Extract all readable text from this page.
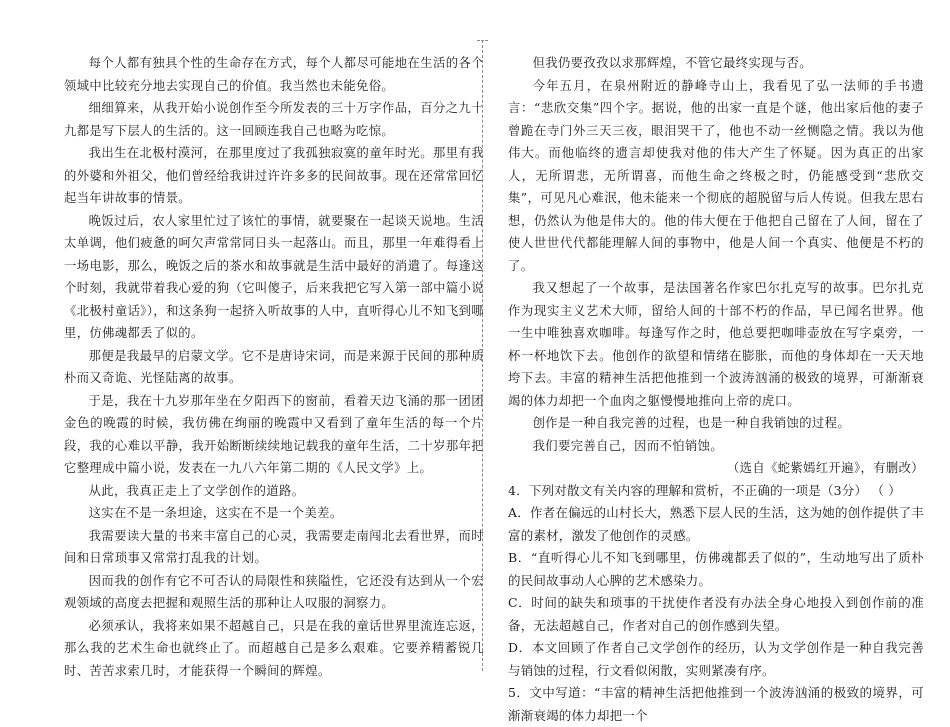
每个人都有独具个性的生命存在方式，每个人都尽可能地在生活的各个领域中比较充分地去实现自己的价值。我当然也未能免俗。

细细算来，从我开始小说创作至今所发表的三十万字作品，百分之九十九都是写下层人的生活的。这一回顾连我自己也略为吃惊。

我出生在北极村漠河，在那里度过了我孤独寂寞的童年时光。那里有我的外婆和外祖父，他们曾经给我讲过许许多多的民间故事。现在还常常回忆起当年讲故事的情景。

晚饭过后，农人家里忙过了该忙的事情，就要聚在一起谈天说地。生活太单调，他们疲惫的呵欠声常常同日头一起落山。而且，那里一年难得看上一场电影，那么，晚饭之后的茶水和故事就是生活中最好的消遣了。每逢这个时刻，我就带着我心爱的狗（它叫傻子，后来我把它写入第一部中篇小说《北极村童话》），和这条狗一起挤入听故事的人中，直听得心儿不知飞到哪里，仿佛魂都丢了似的。

那便是我最早的启蒙文学。它不是唐诗宋词，而是来源于民间的那种质朴而又奇诡、光怪陆离的故事。

于是，我在十九岁那年坐在夕阳西下的窗前，看着天边飞涌的那一团团金色的晚霞的时候，我仿佛在绚丽的晚霞中又看到了童年生活的每一个片段，我的心难以平静，我开始断断续续地记载我的童年生活，二十岁那年把它整理成中篇小说，发表在一九八六年第二期的《人民文学》上。

从此，我真正走上了文学创作的道路。

这实在不是一条坦途，这实在不是一个美差。

我需要读大量的书来丰富自己的心灵，我需要走南闯北去看世界，而时间和日常琐事又常常打乱我的计划。

因而我的创作有它不可否认的局限性和狭隘性，它还没有达到从一个宏观领域的高度去把握和观照生活的那种让人叹服的洞察力。

必须承认，我将来如果不超越自己，只是在我的童话世界里流连忘返，那么我的艺术生命也就终止了。而超越自己是多么艰难。它要养精蓄锐几时、苦苦求索几时，才能获得一个瞬间的辉煌。

但我仍要孜孜以求那辉煌，不管它最终实现与否。

今年五月，在泉州附近的静峰寺山上，我看见了弘一法师的手书遗言：“悲欣交集”四个字。据说，他的出家一直是个谜，他出家后他的妻子曾跪在寺门外三天三夜，眼泪哭干了，他也不动一丝恻隐之情。我以为他伟大。而他临终的遗言却使我对他的伟大产生了怀疑。因为真正的出家人，无所谓悲，无所谓喜，而他生命之终极之时，仍能感受到“悲欣交集”，可见凡心难泯，他未能来一个彻底的超脱留与后人传说。但我左思右想，仍然认为他是伟大的。他的伟大便在于他把自己留在了人间，留在了使人世世代代都能理解人间的事物中，他是人间一个真实、他便是不朽的了。

我又想起了一个故事，是法国著名作家巴尔扎克写的故事。巴尔扎克作为现实主义艺术大师，留给人间的十部不朽的作品，早已闻名世界。他一生中唯独喜欢咖啡。每逢写作之时，他总要把咖啡壶放在写字桌旁，一杯一杯地饮下去。他创作的欲望和情绪在膨胀，而他的身体却在一天天地垮下去。丰富的精神生活把他推到一个波涛汹涌的极致的境界，可渐渐衰竭的体力却把一个血肉之躯慢慢地推向上帝的虎口。

创作是一种自我完善的过程，也是一种自我销蚀的过程。

我们要完善自己，因而不怕销蚀。

（选自《蛇紫嫣红开遍》，有删改）

4．下列对散文有关内容的理解和赏析，不正确的一项是（3分） （ ）

A．作者在偏远的山村长大，熟悉下层人民的生活，这为她的创作提供了丰富的素材，激发了他创作的灵感。

B．“直听得心儿不知飞到哪里，仿佛魂都丢了似的”，生动地写出了质朴的民间故事动人心脾的艺术感染力。

C．时间的缺失和琐事的干扰使作者没有办法全身心地投入到创作前的准备，无法超越自己，作者对自己的创作感到失望。

D．本文回顾了作者自己文学创作的经历，认为文学创作是一种自我完善与销蚀的过程，行文看似闲散，实则紧凑有序。

5．文中写道：“丰富的精神生活把他推到一个波涛汹涌的极致的境界，可渐渐衰竭的体力却把一个
